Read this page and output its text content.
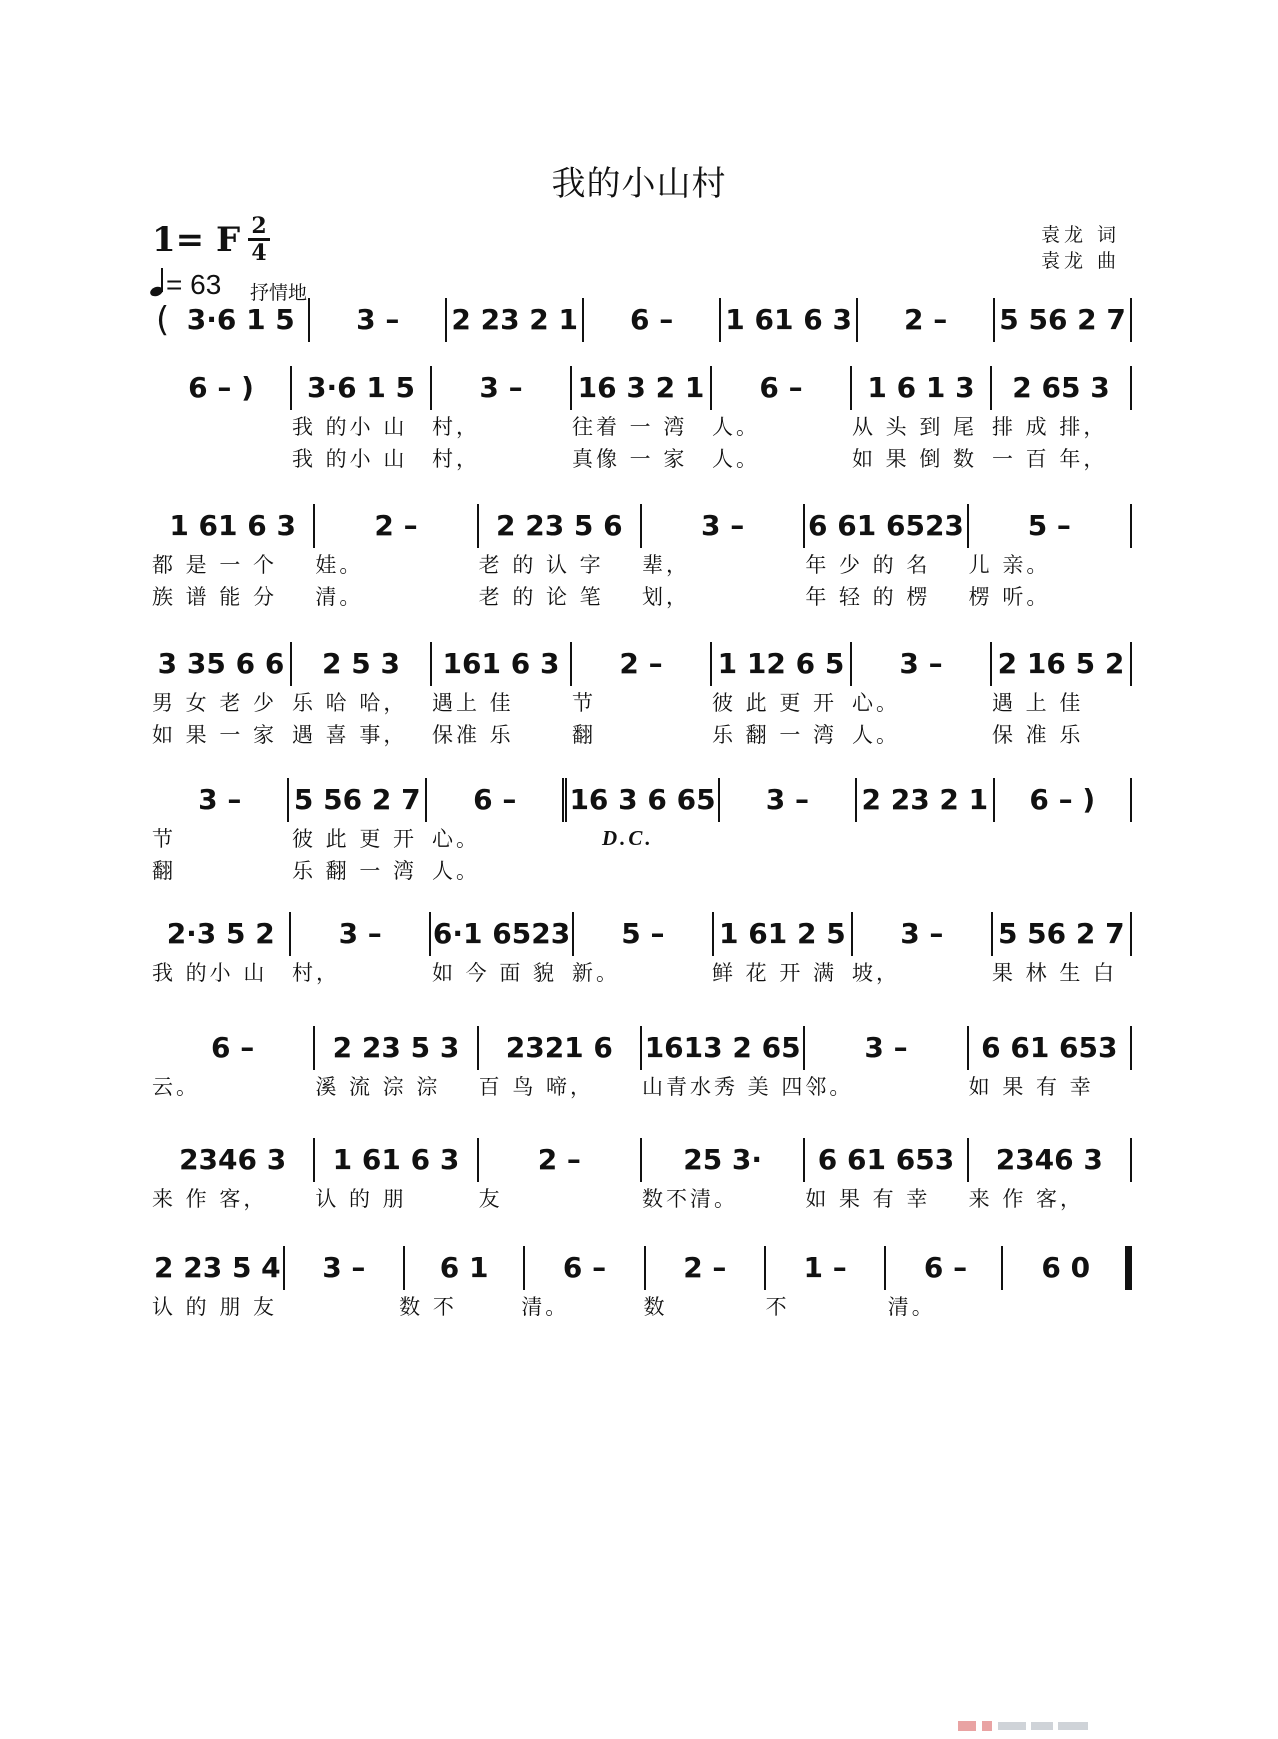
我的小山村
1= F 2
4
= 63 抒情地
袁龙 词
袁龙 曲
( 3·6 1 5	3 –	2 23 2 1	6 –	1 61 6 3	2 –	5 56 2 7
6 – )	3·6 1 5	3 –	16 3 2 1	6 –	1 6 1 3	2 65 3
我 的小 山	村，	往着 一 湾	人。	从 头 到 尾 排 成 排，
我 的小 山	村，	真像 一 家	人。	如 果 倒 数 一 百 年，
1 61 6 3	2 –	2 23 5 6	3 –	6 61 6523	5 –
都 是 一 个	娃。	老 的 认 字	辈，	年 少 的 名	儿 亲。
族 谱 能 分	清。	老 的 论 笔	划，	年 轻 的 楞	楞 听。
3 35 6 6	2 5 3	161 6 3	2 –	1 12 6 5	3 –	2 16 5 2
男 女 老 少 乐 哈 哈，	遇上 佳	节	彼 此 更 开 心。	遇 上 佳
如 果 一 家 遇 喜 事，	保准 乐	翻	乐 翻 一 湾 人。	保 准 乐
3 –	5 56 2 7	6 –	16 3 6 65	3 –	2 23 2 1	6 – )
节	彼 此 更 开 心。	D.C.
翻	乐 翻 一 湾 人。
2·3 5 2	3 –	6·1 6523	5 –	1 61 2 5	3 –	5 56 2 7
我 的小 山	村，	如 今 面 貌 新。	鲜 花 开 满 坡，	果 林 生 白
6 –	2 23 5 3	2321 6	1613 2 65	3 –	6 61 653
云。	溪 流 淙 淙	百 鸟 啼，	山青水秀 美 四 邻。	如 果 有 幸
2346 3	1 61 6 3	2 –	25 3·	6 61 653	2346 3
来 作 客，	认 的 朋	友	数不清。	如 果 有 幸	来 作 客，
2 23 5 4	3 –	6 1	6 –	2 –	1 –	6 –	6 0
认 的 朋 友	数 不	清。	数	不	清。
